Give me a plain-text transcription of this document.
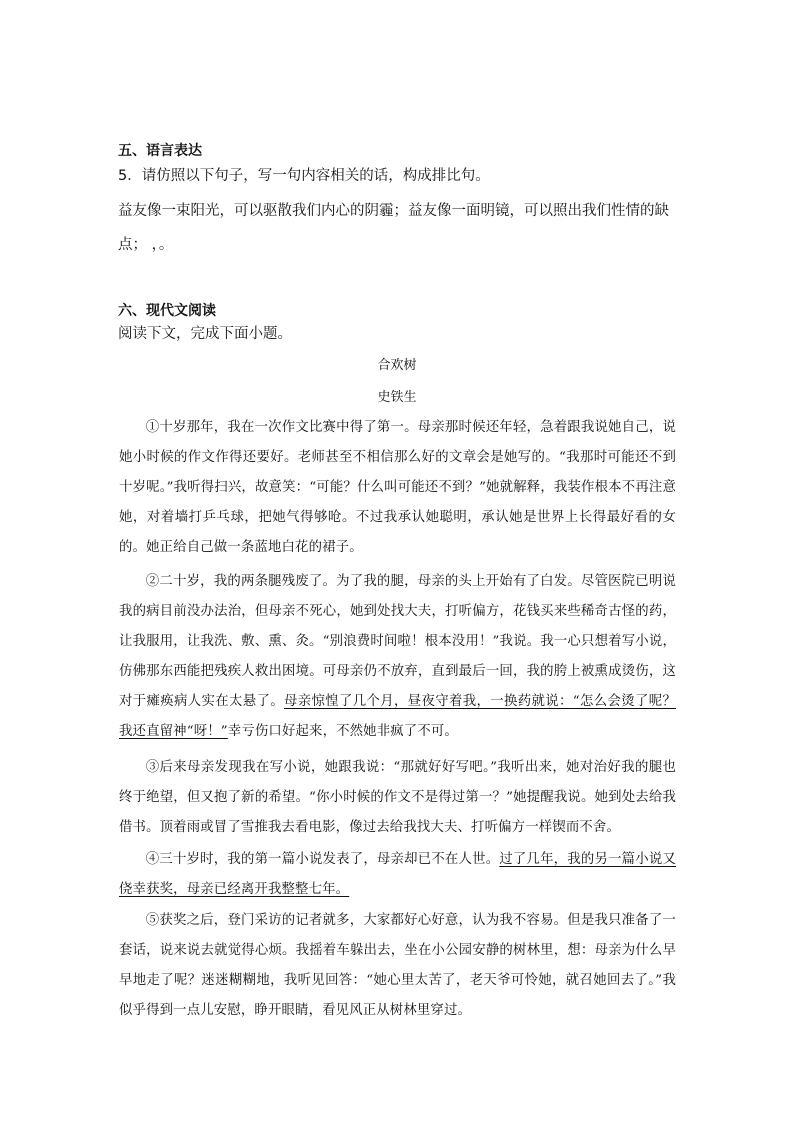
五、语言表达
5．请仿照以下句子，写一句内容相关的话，构成排比句。
益友像一束阳光，可以驱散我们内心的阴霾；益友像一面明镜，可以照出我们性情的缺
点； ，。
六、现代文阅读
阅读下文，完成下面小题。
合欢树
史铁生
①十岁那年，我在一次作文比赛中得了第一。母亲那时候还年轻，急着跟我说她自己，说她小时候的作文作得还要好。老师甚至不相信那么好的文章会是她写的。“我那时可能还不到十岁呢。”我听得扫兴，故意笑：“可能？什么叫可能还不到？”她就解释，我装作根本不再注意她，对着墙打乒乓球，把她气得够呛。不过我承认她聪明，承认她是世界上长得最好看的女的。她正给自己做一条蓝地白花的裙子。
②二十岁，我的两条腿残废了。为了我的腿，母亲的头上开始有了白发。尽管医院已明说我的病目前没办法治，但母亲不死心，她到处找大夫，打听偏方，花钱买来些稀奇古怪的药，让我服用，让我洗、敷、熏、灸。“别浪费时间啦！根本没用！”我说。我一心只想着写小说，仿佛那东西能把残疾人救出困境。可母亲仍不放弃，直到最后一回，我的胯上被熏成烫伤，这对于瘫痪病人实在太悬了。母亲惊惶了几个月，昼夜守着我，一换药就说：“怎么会烫了呢？我还直留神“呀！”幸亏伤口好起来，不然她非疯了不可。
③后来母亲发现我在写小说，她跟我说：“那就好好写吧。”我听出来，她对治好我的腿也终于绝望，但又抱了新的希望。“你小时候的作文不是得过第一？”她提醒我说。她到处去给我借书。顶着雨或冒了雪推我去看电影，像过去给我找大夫、打听偏方一样锲而不舍。
④三十岁时，我的第一篇小说发表了，母亲却已不在人世。过了几年，我的另一篇小说又侥幸获奖，母亲已经离开我整整七年。
⑤获奖之后，登门采访的记者就多，大家都好心好意，认为我不容易。但是我只准备了一套话，说来说去就觉得心烦。我摇着车躲出去，坐在小公园安静的树林里，想：母亲为什么早早地走了呢？迷迷糊糊地，我听见回答：“她心里太苦了，老天爷可怜她，就召她回去了。”我似乎得到一点儿安慰，睁开眼睛，看见风正从树林里穿过。
